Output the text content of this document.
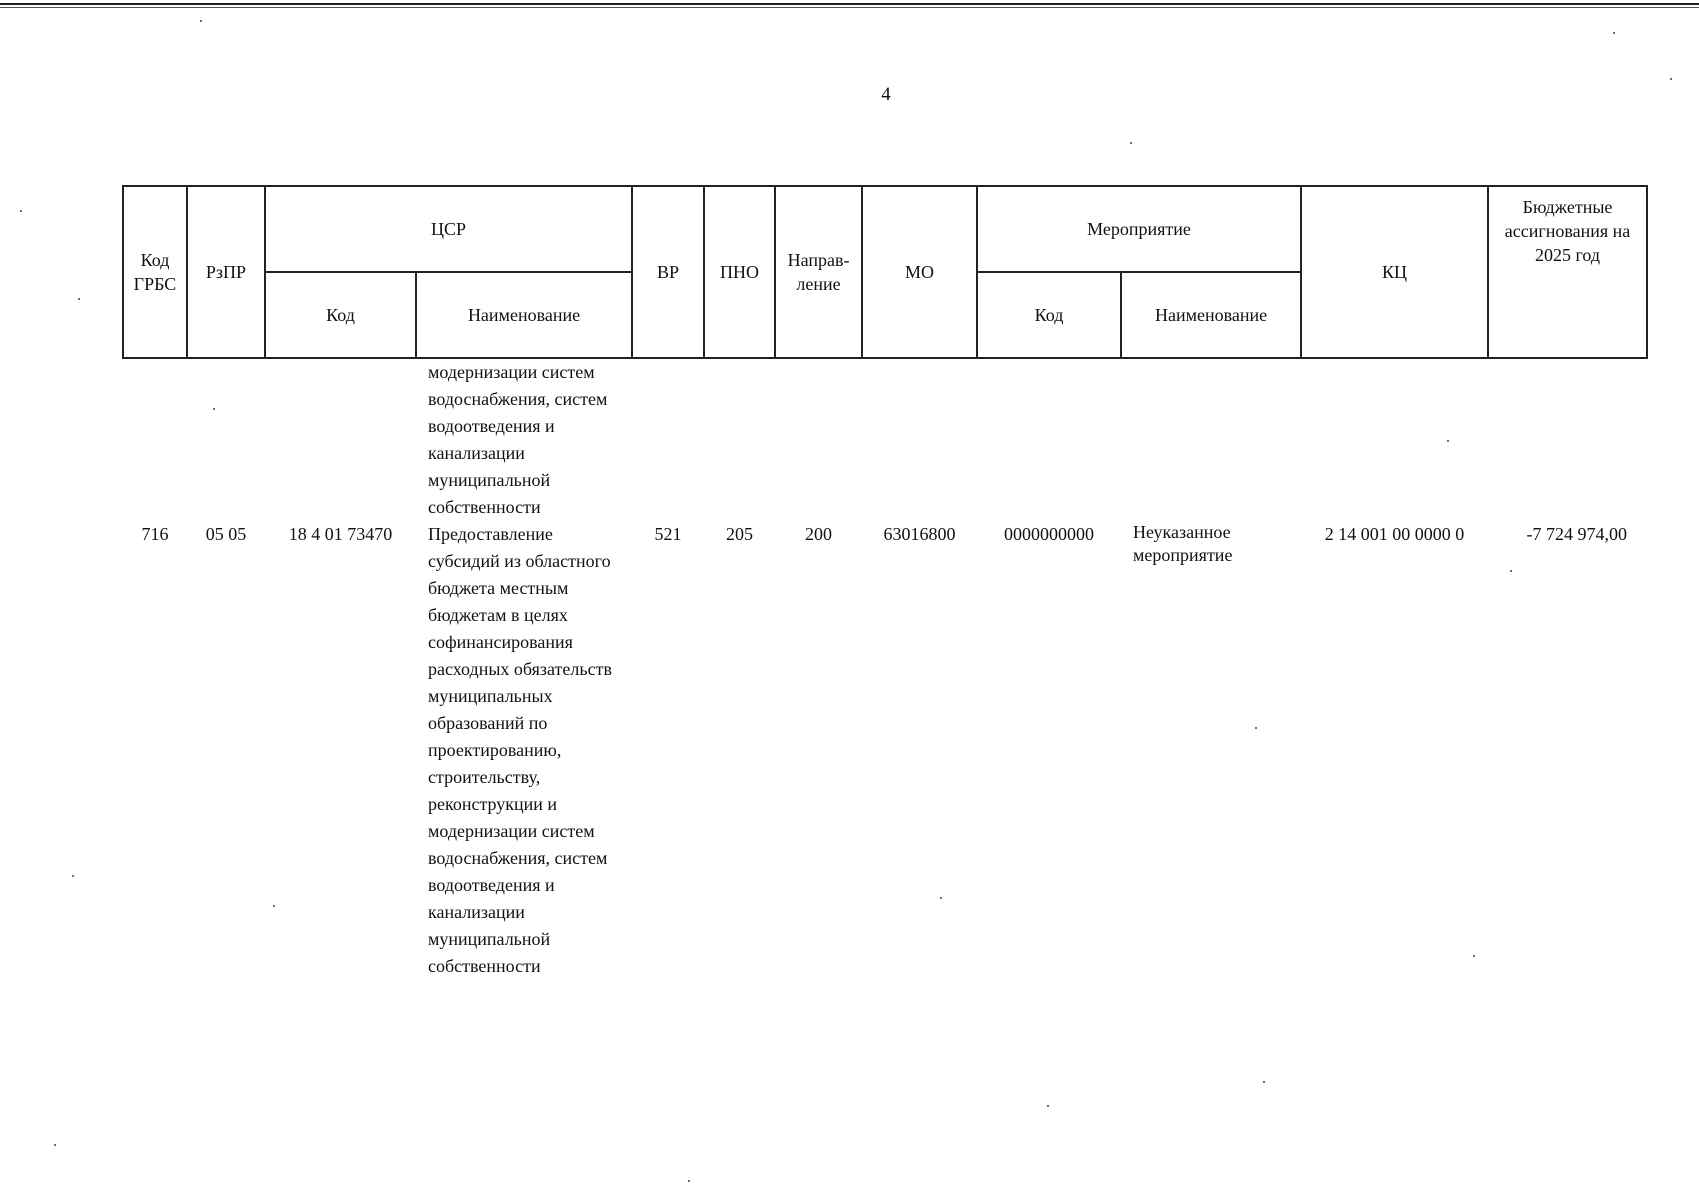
4
Код ГРБС	РзПР	ЦСР		ВР	ПНО	Направ- ление	МО	Мероприятие		КЦ	Бюджетные ассигнования на 2025 год
		Код	Наименование					Код	Наименование		
			модернизации систем водоснабжения, систем водоотведения и канализации муниципальной собственности								
716	05 05	18 4 01 73470	Предоставление субсидий из областного бюджета местным бюджетам в целях софинансирования расходных обязательств муниципальных образований по проектированию, строительству, реконструкции и модернизации систем водоснабжения, систем водоотведения и канализации муниципальной собственности	521	205	200	63016800	0000000000	Неуказанное мероприятие	2 14 001 00 0000 0	-7 724 974,00
